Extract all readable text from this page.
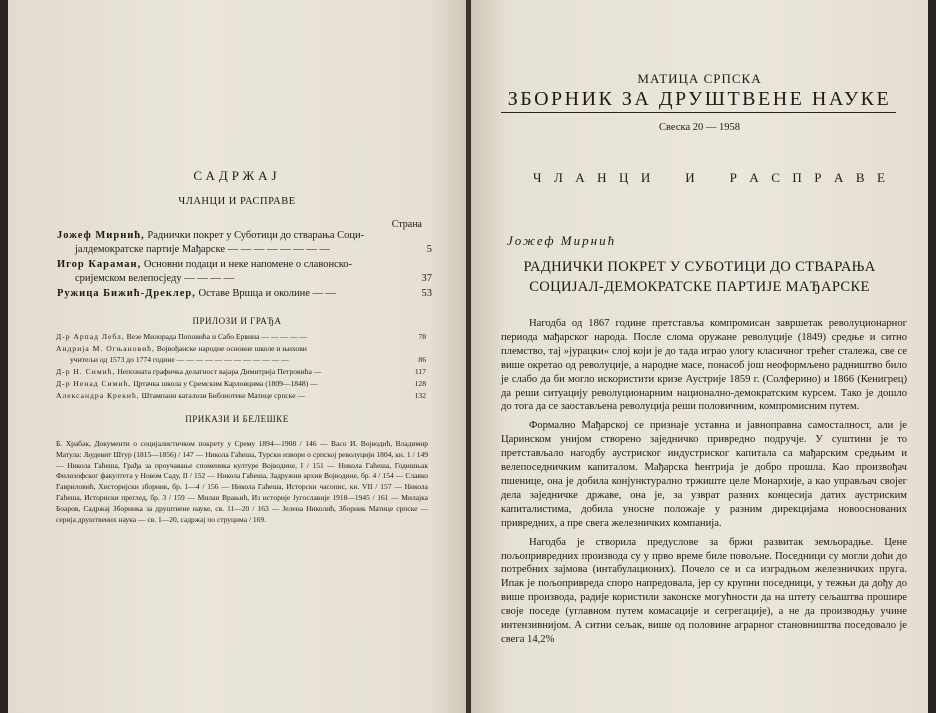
САДРЖАЈ
ЧЛАНЦИ И РАСПРАВЕ
Страна
Јожеф Мирнић, Раднички покрет у Суботици до стварања Соци-
јалдемократске партије Мађарске — — — — — — — —	5
Игор Караман, Основни подаци и неке напомене о славонско-
сријемском велепосједу — — — —	37
Ружица Бижић-Дреклер, Оставе Вршца и околине — —	53
ПРИЛОЗИ И ГРАЂА
Д-р Арпад Лебл, Везе Милорада Поповића и Сабо Ервина — — — — —	78
Андрија М. Огњановић, Војвођанске народне основне школе и њихови
учитељи од 1573 до 1774 године — — — — — — — — — — — —	86
Д-р Н. Симић, Непозната графичка делатност вајара Димитрија Петровића —	117
Д-р Ненад Симић, Цртачка школа у Сремским Карловцима (1809—1848) —	128
Александра Крекић, Штампани каталози Библиотеке Матице српске —	132
ПРИКАЗИ И БЕЛЕШКЕ
Б. Храбак, Документи о социјалистичком покрету у Срему 1894—1908 / 146 — Васо И. Војводић, Владимир Матула: Људевит Штур (1815—1856) / 147 — Никола Гаћеша, Турски извори о српској револуцији 1804, кн. 1 / 149 — Никола Гаћеша, Грађа за проучавање споменика културе Војводине, I / 151 — Никола Гаћеша, Годишњак Филозофског факултета у Новом Саду, II / 152 — Никола Гаћеша, Задружни архив Војводине, бр. 4 / 154 — Славко Гавриловић, Хисторијски зборник, бр. 1—4 / 156 — Никола Гаћеша, Исторски часопис, кн. VII / 157 — Никола Гаћеша, Историски преглед, бр. 3 / 159 — Милан Врањић, Из историје Југославије 1918—1945 / 161 — Милајка Боаров, Садржај Зборника за друштвене науке, св. 11—20 / 163 — Јелена Николић, Зборник Матице српске — серија друштвених наука — св. 1—20, садржај по струцима / 169.
МАТИЦА СРПСКА
ЗБОРНИК ЗА ДРУШТВЕНЕ НАУКЕ
Свеска 20 — 1958
Ч Л А Н Ц И	И	Р А С П Р А В Е
Јожеф Мирнић
РАДНИЧКИ ПОКРЕТ У СУБОТИЦИ ДО СТВАРАЊА
СОЦИЈАЛ-ДЕМОКРАТСКЕ ПАРТИЈЕ МАЂАРСКЕ

Нагодба од 1867 године претставља компромисан завршетак револуционарног периода мађарског народа. После слома оружане револуције (1849) средње и ситно племство, тај »јурацки« слој који је до тада играо улогу класичног трећег сталежа, све се више окретао од револуције, а народне масе, понасоб још неоформљено радништво било је слабо да би могло искористити кризе Аустрије 1859 г. (Солферино) и 1866 (Кенигрец) да реши ситуацију револуционарним националнo-демократским курсем. Тако је дошло до тога да се заостављена револуција реши половичним, компромисним путем.

Формално Мађарској се признаје уставна и јавноправна самосталност, али је Царинском унијом створено заједничко привредно подручје. У суштини је то претстављало нагодбу аустриског индустриског капитала са мађарским средњим и велепоседничким капиталом. Мађарска ћентрија је добро прошла. Као произвођач пшенице, она је добила конјунктурално тржиште целе Монархије, а као управљач својег дела заједничке државе, она је, за узврат разних концесија датих аустриским капиталистима, добила уносне положаје у разним дирекцијама новоосновaних привредних, а пре свега железничких компанија.

Нагодба је створила предуслове за бржи развитак земљорадње. Цене пољопривредних производа су у прво време биле повољне. Поседници су могли доћи до потребних зајмова (интабулационих). Почело се и са изградњом железничких пруга. Ипак је пољопривреда споро напредовала, јер су крупни поседници, у тежњи да дођу до више производа, радије користили законске могућности да на штету сељаштва прошире своје поседе (углавном путем комасације и сегрегације), а не да производњу учине интензивнијом. А ситни сељак, више од половине аграрног становништва поседовало је свега 14,2%
